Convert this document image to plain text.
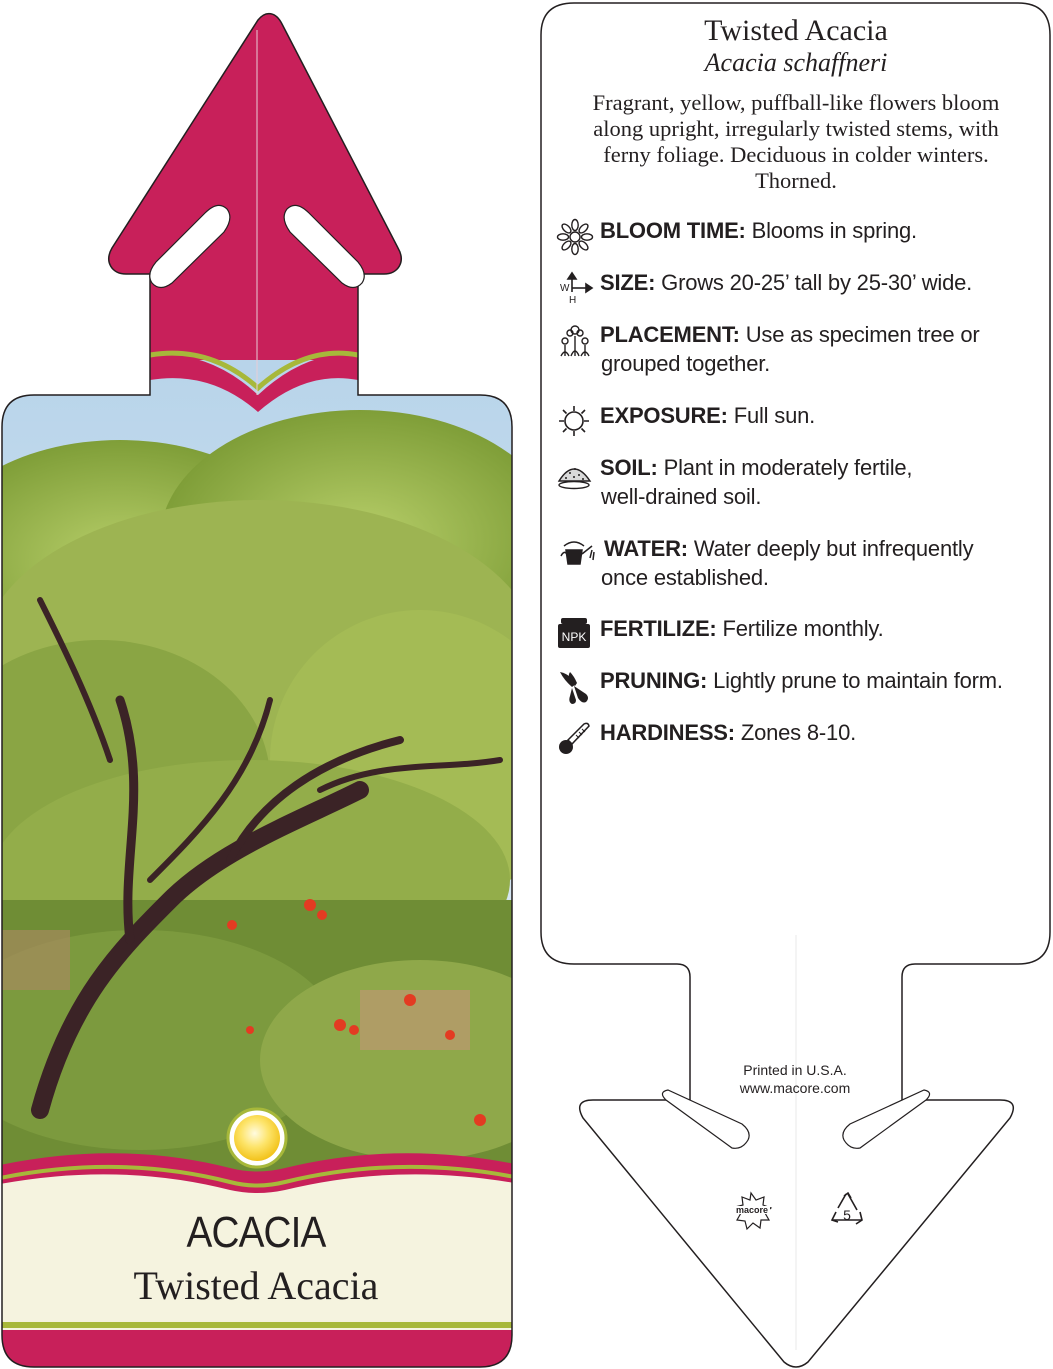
macore	5
Twisted Acacia
Acacia schaffneri
Fragrant, yellow, puffball-like flowers bloom
along upright, irregularly twisted stems, with
ferny foliage. Deciduous in colder winters.
Thorned.
BLOOM TIME: Blooms in spring.
W
H
SIZE: Grows 20-25’ tall by 25-30’ wide.
PLACEMENT: Use as specimen tree or
grouped together.
EXPOSURE: Full sun.
SOIL: Plant in moderately fertile,
well-drained soil.
WATER: Water deeply but infrequently
once established.
NPK FERTILIZE: Fertilize monthly.
PRUNING: Lightly prune to maintain form.
HARDINESS: Zones 8-10.
Printed in U.S.A.
www.macore.com
ACACIA
Twisted Acacia
